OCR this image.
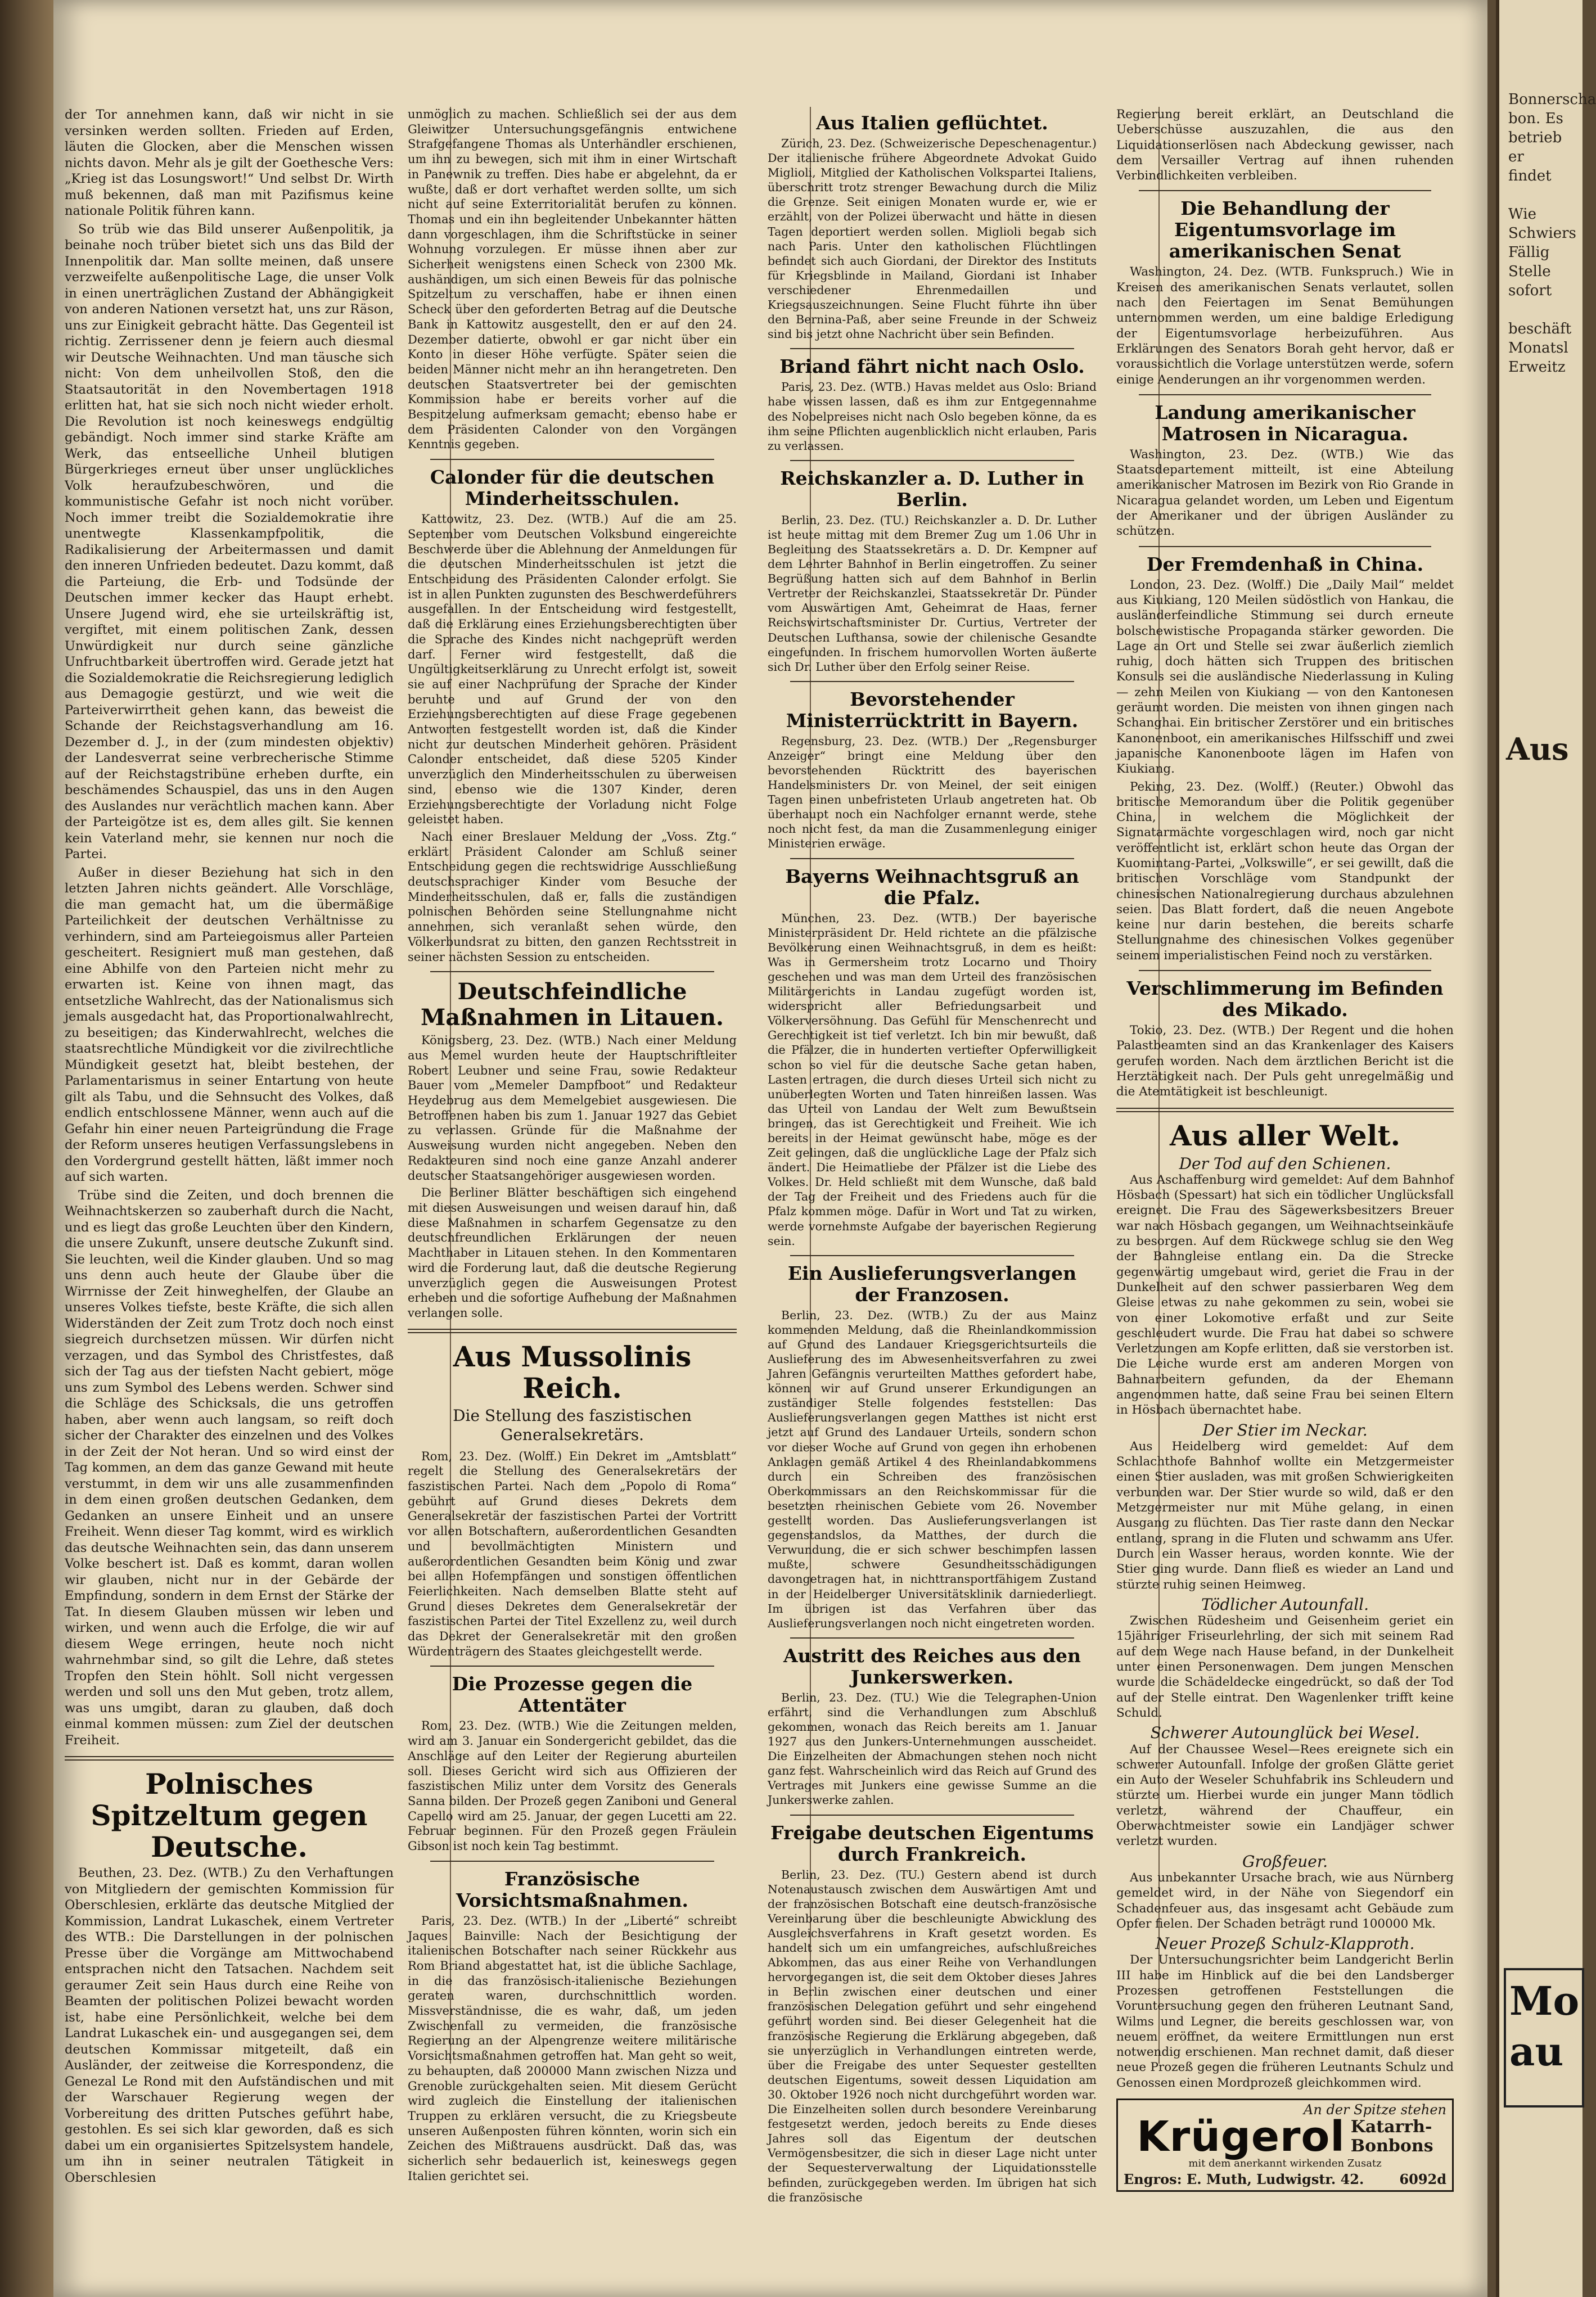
der Tor annehmen kann, daß wir nicht in sie versinken werden sollten. Frieden auf Erden, läuten die Glocken, aber die Menschen wissen nichts davon. Mehr als je gilt der Goethesche Vers: „Krieg ist das Losungswort!“ Und selbst Dr. Wirth muß bekennen, daß man mit Pazifismus keine nationale Politik führen kann.

So trüb wie das Bild unserer Außenpolitik, ja beinahe noch trüber bietet sich uns das Bild der Innenpolitik dar. Man sollte meinen, daß unsere verzweifelte außenpolitische Lage, die unser Volk in einen unerträglichen Zustand der Abhängigkeit von anderen Nationen versetzt hat, uns zur Räson, uns zur Einigkeit gebracht hätte. Das Gegenteil ist richtig. Zerrissener denn je feiern auch diesmal wir Deutsche Weihnachten. Und man täusche sich nicht: Von dem unheilvollen Stoß, den die Staatsautorität in den Novembertagen 1918 erlitten hat, hat sie sich noch nicht wieder erholt. Die Revolution ist noch keineswegs endgültig gebändigt. Noch immer sind starke Kräfte am Werk, das entseelliche Unheil blutigen Bürgerkrieges erneut über unser unglückliches Volk heraufzubeschwören, und die kommunistische Gefahr ist noch nicht vorüber. Noch immer treibt die Sozialdemokratie ihre unentwegte Klassenkampfpolitik, die Radikalisierung der Arbeitermassen und damit den inneren Unfrieden bedeutet. Dazu kommt, daß die Parteiung, die Erb- und Todsünde der Deutschen immer kecker das Haupt erhebt. Unsere Jugend wird, ehe sie urteilskräftig ist, vergiftet, mit einem politischen Zank, dessen Unwürdigkeit nur durch seine gänzliche Unfruchtbarkeit übertroffen wird. Gerade jetzt hat die Sozialdemokratie die Reichsregierung lediglich aus Demagogie gestürzt, und wie weit die Parteiverwirrtheit gehen kann, das beweist die Schande der Reichstagsverhandlung am 16. Dezember d. J., in der (zum mindesten objektiv) der Landesverrat seine verbrecherische Stimme auf der Reichstagstribüne erheben durfte, ein beschämendes Schauspiel, das uns in den Augen des Auslandes nur verächtlich machen kann. Aber der Parteigötze ist es, dem alles gilt. Sie kennen kein Vaterland mehr, sie kennen nur noch die Partei.

Außer in dieser Beziehung hat sich in den letzten Jahren nichts geändert. Alle Vorschläge, die man gemacht hat, um die übermäßige Parteilichkeit der deutschen Verhältnisse zu verhindern, sind am Parteiegoismus aller Parteien gescheitert. Resigniert muß man gestehen, daß eine Abhilfe von den Parteien nicht mehr zu erwarten ist. Keine von ihnen magt, das entsetzliche Wahlrecht, das der Nationalismus sich jemals ausgedacht hat, das Proportionalwahlrecht, zu beseitigen; das Kinderwahlrecht, welches die staatsrechtliche Mündigkeit vor die zivilrechtliche Mündigkeit gesetzt hat, bleibt bestehen, der Parlamentarismus in seiner Entartung von heute gilt als Tabu, und die Sehnsucht des Volkes, daß endlich entschlossene Männer, wenn auch auf die Gefahr hin einer neuen Parteigründung die Frage der Reform unseres heutigen Verfassungslebens in den Vordergrund gestellt hätten, läßt immer noch auf sich warten.

Trübe sind die Zeiten, und doch brennen die Weihnachtskerzen so zauberhaft durch die Nacht, und es liegt das große Leuchten über den Kindern, die unsere Zukunft, unsere deutsche Zukunft sind. Sie leuchten, weil die Kinder glauben. Und so mag uns denn auch heute der Glaube über die Wirrnisse der Zeit hinweghelfen, der Glaube an unseres Volkes tiefste, beste Kräfte, die sich allen Widerständen der Zeit zum Trotz doch noch einst siegreich durchsetzen müssen. Wir dürfen nicht verzagen, und das Symbol des Christfestes, daß sich der Tag aus der tiefsten Nacht gebiert, möge uns zum Symbol des Lebens werden. Schwer sind die Schläge des Schicksals, die uns getroffen haben, aber wenn auch langsam, so reift doch sicher der Charakter des einzelnen und des Volkes in der Zeit der Not heran. Und so wird einst der Tag kommen, an dem das ganze Gewand mit heute verstummt, in dem wir uns alle zusammenfinden in dem einen großen deutschen Gedanken, dem Gedanken an unsere Einheit und an unsere Freiheit. Wenn dieser Tag kommt, wird es wirklich das deutsche Weihnachten sein, das dann unserem Volke beschert ist. Daß es kommt, daran wollen wir glauben, nicht nur in der Gebärde der Empfindung, sondern in dem Ernst der Stärke der Tat. In diesem Glauben müssen wir leben und wirken, und wenn auch die Erfolge, die wir auf diesem Wege erringen, heute noch nicht wahrnehmbar sind, so gilt die Lehre, daß stetes Tropfen den Stein höhlt. Soll nicht vergessen werden und soll uns den Mut geben, trotz allem, was uns umgibt, daran zu glauben, daß doch einmal kommen müssen: zum Ziel der deutschen Freiheit.

Polnisches Spitzeltum gegen Deutsche.

Beuthen, 23. Dez. (WTB.) Zu den Verhaftungen von Mitgliedern der gemischten Kommission für Oberschlesien, erklärte das deutsche Mitglied der Kommission, Landrat Lukaschek, einem Vertreter des WTB.: Die Darstellungen in der polnischen Presse über die Vorgänge am Mittwochabend entsprachen nicht den Tatsachen. Nachdem seit geraumer Zeit sein Haus durch eine Reihe von Beamten der politischen Polizei bewacht worden ist, habe eine Persönlichkeit, welche bei dem Landrat Lukaschek ein- und ausgegangen sei, dem deutschen Kommissar mitgeteilt, daß ein Ausländer, der zeitweise die Korrespondenz, die Genezal Le Rond mit den Aufständischen und mit der Warschauer Regierung wegen der Vorbereitung des dritten Putsches geführt habe, gestohlen. Es sei sich klar geworden, daß es sich dabei um ein organisiertes Spitzelsystem handele, um ihn in seiner neutralen Tätigkeit in Oberschlesien

unmöglich zu machen. Schließlich sei der aus dem Gleiwitzer Untersuchungsgefängnis entwichene Strafgefangene Thomas als Unterhändler erschienen, um ihn zu bewegen, sich mit ihm in einer Wirtschaft in Panewnik zu treffen. Dies habe er abgelehnt, da er wußte, daß er dort verhaftet werden sollte, um sich nicht auf seine Exterritorialität berufen zu können. Thomas und ein ihn begleitender Unbekannter hätten dann vorgeschlagen, ihm die Schriftstücke in seiner Wohnung vorzulegen. Er müsse ihnen aber zur Sicherheit wenigstens einen Scheck von 2300 Mk. aushändigen, um sich einen Beweis für das polnische Spitzeltum zu verschaffen, habe er ihnen einen Scheck über den geforderten Betrag auf die Deutsche Bank in Kattowitz ausgestellt, den er auf den 24. Dezember datierte, obwohl er gar nicht über ein Konto in dieser Höhe verfügte. Später seien die beiden Männer nicht mehr an ihn herangetreten. Den deutschen Staatsvertreter bei der gemischten Kommission habe er bereits vorher auf die Bespitzelung aufmerksam gemacht; ebenso habe er dem Präsidenten Calonder von den Vorgängen Kenntnis gegeben.

Calonder für die deutschen Minderheitsschulen.

Kattowitz, 23. Dez. (WTB.) Auf die am 25. September vom Deutschen Volksbund eingereichte Beschwerde über die Ablehnung der Anmeldungen für die deutschen Minderheitsschulen ist jetzt die Entscheidung des Präsidenten Calonder erfolgt. Sie ist in allen Punkten zugunsten des Beschwerdeführers ausgefallen. In der Entscheidung wird festgestellt, daß die Erklärung eines Erziehungsberechtigten über die Sprache des Kindes nicht nachgeprüft werden darf. Ferner wird festgestellt, daß die Ungültigkeitserklärung zu Unrecht erfolgt ist, soweit sie auf einer Nachprüfung der Sprache der Kinder beruhte und auf Grund der von den Erziehungsberechtigten auf diese Frage gegebenen Antworten festgestellt worden ist, daß die Kinder nicht zur deutschen Minderheit gehören. Präsident Calonder entscheidet, daß diese 5205 Kinder unverzüglich den Minderheitsschulen zu überweisen sind, ebenso wie die 1307 Kinder, deren Erziehungsberechtigte der Vorladung nicht Folge geleistet haben.

Nach einer Breslauer Meldung der „Voss. Ztg.“ erklärt Präsident Calonder am Schluß seiner Entscheidung gegen die rechtswidrige Ausschließung deutschsprachiger Kinder vom Besuche der Minderheitsschulen, daß er, falls die zuständigen polnischen Behörden seine Stellungnahme nicht annehmen, sich veranlaßt sehen würde, den Völkerbundsrat zu bitten, den ganzen Rechtsstreit in seiner nächsten Session zu entscheiden.

Deutschfeindliche Maßnahmen in Litauen.

Königsberg, 23. Dez. (WTB.) Nach einer Meldung aus Memel wurden heute der Hauptschriftleiter Robert Leubner und seine Frau, sowie Redakteur Bauer vom „Memeler Dampfboot“ und Redakteur Heydebrug aus dem Memelgebiet ausgewiesen. Die Betroffenen haben bis zum 1. Januar 1927 das Gebiet zu verlassen. Gründe für die Maßnahme der Ausweisung wurden nicht angegeben. Neben den Redakteuren sind noch eine ganze Anzahl anderer deutscher Staatsangehöriger ausgewiesen worden.

Die Berliner Blätter beschäftigen sich eingehend mit diesen Ausweisungen und weisen darauf hin, daß diese Maßnahmen in scharfem Gegensatze zu den deutschfreundlichen Erklärungen der neuen Machthaber in Litauen stehen. In den Kommentaren wird die Forderung laut, daß die deutsche Regierung unverzüglich gegen die Ausweisungen Protest erheben und die sofortige Aufhebung der Maßnahmen verlangen solle.

Aus Mussolinis Reich.
Die Stellung des faszistischen Generalsekretärs.

Rom, 23. Dez. (Wolff.) Ein Dekret im „Amtsblatt“ regelt die Stellung des Generalsekretärs der faszistischen Partei. Nach dem „Popolo di Roma“ gebührt auf Grund dieses Dekrets dem Generalsekretär der faszistischen Partei der Vortritt vor allen Botschaftern, außerordentlichen Gesandten und bevollmächtigten Ministern und außerordentlichen Gesandten beim König und zwar bei allen Hofempfängen und sonstigen öffentlichen Feierlichkeiten. Nach demselben Blatte steht auf Grund dieses Dekretes dem Generalsekretär der faszistischen Partei der Titel Exzellenz zu, weil durch das Dekret der Generalsekretär mit den großen Würdenträgern des Staates gleichgestellt werde.

Die Prozesse gegen die Attentäter

Rom, 23. Dez. (WTB.) Wie die Zeitungen melden, wird am 3. Januar ein Sondergericht gebildet, das die Anschläge auf den Leiter der Regierung aburteilen soll. Dieses Gericht wird sich aus Offizieren der faszistischen Miliz unter dem Vorsitz des Generals Sanna bilden. Der Prozeß gegen Zaniboni und General Capello wird am 25. Januar, der gegen Lucetti am 22. Februar beginnen. Für den Prozeß gegen Fräulein Gibson ist noch kein Tag bestimmt.

Französische Vorsichtsmaßnahmen.

Paris, 23. Dez. (WTB.) In der „Liberté“ schreibt Jaques Bainville: Nach der Besichtigung der italienischen Botschafter nach seiner Rückkehr aus Rom Briand abgestattet hat, ist die übliche Sachlage, in die das französisch-italienische Beziehungen geraten waren, durchschnittlich worden. Missverständnisse, die es wahr, daß, um jeden Zwischenfall zu vermeiden, die französische Regierung an der Alpengrenze weitere militärische Vorsichtsmaßnahmen getroffen hat. Man geht so weit, zu behaupten, daß 200000 Mann zwischen Nizza und Grenoble zurückgehalten seien. Mit diesem Gerücht wird zugleich die Einstellung der italienischen Truppen zu erklären versucht, die zu Kriegsbeute unseren Außenposten führen könnten, worin sich ein Zeichen des Mißtrauens ausdrückt. Daß das, was sicherlich sehr bedauerlich ist, keineswegs gegen Italien gerichtet sei.

Aus Italien geflüchtet.

Zürich, 23. Dez. (Schweizerische Depeschenagentur.) Der italienische frühere Abgeordnete Advokat Guido Miglioli, Mitglied der Katholischen Volkspartei Italiens, überschritt trotz strenger Bewachung durch die Miliz die Grenze. Seit einigen Monaten wurde er, wie er erzählt, von der Polizei überwacht und hätte in diesen Tagen deportiert werden sollen. Miglioli begab sich nach Paris. Unter den katholischen Flüchtlingen befindet sich auch Giordani, der Direktor des Instituts für Kriegsblinde in Mailand, Giordani ist Inhaber verschiedener Ehrenmedaillen und Kriegsauszeichnungen. Seine Flucht führte ihn über den Bernina-Paß, aber seine Freunde in der Schweiz sind bis jetzt ohne Nachricht über sein Befinden.

Briand fährt nicht nach Oslo.

Paris, 23. Dez. (WTB.) Havas meldet aus Oslo: Briand habe wissen lassen, daß es ihm zur Entgegennahme des Nobelpreises nicht nach Oslo begeben könne, da es ihm seine Pflichten augenblicklich nicht erlauben, Paris zu verlassen.

Reichskanzler a. D. Luther in Berlin.

Berlin, 23. Dez. (TU.) Reichskanzler a. D. Dr. Luther ist heute mittag mit dem Bremer Zug um 1.06 Uhr in Begleitung des Staatssekretärs a. D. Dr. Kempner auf dem Lehrter Bahnhof in Berlin eingetroffen. Zu seiner Begrüßung hatten sich auf dem Bahnhof in Berlin Vertreter der Reichskanzlei, Staatssekretär Dr. Pünder vom Auswärtigen Amt, Geheimrat de Haas, ferner Reichswirtschaftsminister Dr. Curtius, Vertreter der Deutschen Lufthansa, sowie der chilenische Gesandte eingefunden. In frischem humorvollen Worten äußerte sich Dr. Luther über den Erfolg seiner Reise.

Bevorstehender Ministerrücktritt in Bayern.

Regensburg, 23. Dez. (WTB.) Der „Regensburger Anzeiger“ bringt eine Meldung über den bevorstehenden Rücktritt des bayerischen Handelsministers Dr. von Meinel, der seit einigen Tagen einen unbefristeten Urlaub angetreten hat. Ob überhaupt noch ein Nachfolger ernannt werde, stehe noch nicht fest, da man die Zusammenlegung einiger Ministerien erwäge.

Bayerns Weihnachtsgruß an die Pfalz.

München, 23. Dez. (WTB.) Der bayerische Ministerpräsident Dr. Held richtete an die pfälzische Bevölkerung einen Weihnachtsgruß, in dem es heißt: Was in Germersheim trotz Locarno und Thoiry geschehen und was man dem Urteil des französischen Militärgerichts in Landau zugefügt worden ist, widerspricht aller Befriedungsarbeit und Völkerversöhnung. Das Gefühl für Menschenrecht und Gerechtigkeit ist tief verletzt. Ich bin mir bewußt, daß die Pfälzer, die in hunderten vertiefter Opferwilligkeit schon so viel für die deutsche Sache getan haben, Lasten ertragen, die durch dieses Urteil sich nicht zu unüberlegten Worten und Taten hinreißen lassen. Was das Urteil von Landau der Welt zum Bewußtsein bringen, das ist Gerechtigkeit und Freiheit. Wie ich bereits in der Heimat gewünscht habe, möge es der Zeit gelingen, daß die unglückliche Lage der Pfalz sich ändert. Die Heimatliebe der Pfälzer ist die Liebe des Volkes. Dr. Held schließt mit dem Wunsche, daß bald der Tag der Freiheit und des Friedens auch für die Pfalz kommen möge. Dafür in Wort und Tat zu wirken, werde vornehmste Aufgabe der bayerischen Regierung sein.

Ein Auslieferungsverlangen der Franzosen.

Berlin, 23. Dez. (WTB.) Zu der aus Mainz kommenden Meldung, daß die Rheinlandkommission auf Grund des Landauer Kriegsgerichtsurteils die Auslieferung des im Abwesenheitsverfahren zu zwei Jahren Gefängnis verurteilten Matthes gefordert habe, können wir auf Grund unserer Erkundigungen an zuständiger Stelle folgendes feststellen: Das Auslieferungsverlangen gegen Matthes ist nicht erst jetzt auf Grund des Landauer Urteils, sondern schon vor dieser Woche auf Grund von gegen ihn erhobenen Anklagen gemäß Artikel 4 des Rheinlandabkommens durch ein Schreiben des französischen Oberkommissars an den Reichskommissar für die besetzten rheinischen Gebiete vom 26. November gestellt worden. Das Auslieferungsverlangen ist gegenstandslos, da Matthes, der durch die Verwundung, die er sich schwer beschimpfen lassen mußte, schwere Gesundheitsschädigungen davongetragen hat, in nichttransportfähigem Zustand in der Heidelberger Universitätsklinik darniederliegt. Im übrigen ist das Verfahren über das Auslieferungsverlangen noch nicht eingetreten worden.

Austritt des Reiches aus den Junkerswerken.

Berlin, 23. Dez. (TU.) Wie die Telegraphen-Union erfährt, sind die Verhandlungen zum Abschluß gekommen, wonach das Reich bereits am 1. Januar 1927 aus den Junkers-Unternehmungen ausscheidet. Die Einzelheiten der Abmachungen stehen noch nicht ganz fest. Wahrscheinlich wird das Reich auf Grund des Vertrages mit Junkers eine gewisse Summe an die Junkerswerke zahlen.

Freigabe deutschen Eigentums durch Frankreich.

Berlin, 23. Dez. (TU.) Gestern abend ist durch Notenaustausch zwischen dem Auswärtigen Amt und der französischen Botschaft eine deutsch-französische Vereinbarung über die beschleunigte Abwicklung des Ausgleichsverfahrens in Kraft gesetzt worden. Es handelt sich um ein umfangreiches, aufschlußreiches Abkommen, das aus einer Reihe von Verhandlungen hervorgegangen ist, die seit dem Oktober dieses Jahres in Berlin zwischen einer deutschen und einer französischen Delegation geführt und sehr eingehend geführt worden sind. Bei dieser Gelegenheit hat die französische Regierung die Erklärung abgegeben, daß sie unverzüglich in Verhandlungen eintreten werde, über die Freigabe des unter Sequester gestellten deutschen Eigentums, soweit dessen Liquidation am 30. Oktober 1926 noch nicht durchgeführt worden war. Die Einzelheiten sollen durch besondere Vereinbarung festgesetzt werden, jedoch bereits zu Ende dieses Jahres soll das Eigentum der deutschen Vermögensbesitzer, die sich in dieser Lage nicht unter der Sequesterverwaltung der Liquidationsstelle befinden, zurückgegeben werden. Im übrigen hat sich die französische

Regierung bereit erklärt, an Deutschland die Ueberschüsse auszuzahlen, die aus den Liquidationserlösen nach Abdeckung gewisser, nach dem Versailler Vertrag auf ihnen ruhenden Verbindlichkeiten verbleiben.

Die Behandlung der Eigentumsvorlage im amerikanischen Senat

Washington, 24. Dez. (WTB. Funkspruch.) Wie in Kreisen des amerikanischen Senats verlautet, sollen nach den Feiertagen im Senat Bemühungen unternommen werden, um eine baldige Erledigung der Eigentumsvorlage herbeizuführen. Aus Erklärungen des Senators Borah geht hervor, daß er voraussichtlich die Vorlage unterstützen werde, sofern einige Aenderungen an ihr vorgenommen werden.

Landung amerikanischer Matrosen in Nicaragua.

Washington, 23. Dez. (WTB.) Wie das Staatsdepartement mitteilt, ist eine Abteilung amerikanischer Matrosen im Bezirk von Rio Grande in Nicaragua gelandet worden, um Leben und Eigentum der Amerikaner und der übrigen Ausländer zu schützen.

Der Fremdenhaß in China.

London, 23. Dez. (Wolff.) Die „Daily Mail“ meldet aus Kiukiang, 120 Meilen südöstlich von Hankau, die ausländerfeindliche Stimmung sei durch erneute bolschewistische Propaganda stärker geworden. Die Lage an Ort und Stelle sei zwar äußerlich ziemlich ruhig, doch hätten sich Truppen des britischen Konsuls sei die ausländische Niederlassung in Kuling — zehn Meilen von Kiukiang — von den Kantonesen geräumt worden. Die meisten von ihnen gingen nach Schanghai. Ein britischer Zerstörer und ein britisches Kanonenboot, ein amerikanisches Hilfsschiff und zwei japanische Kanonenboote lägen im Hafen von Kiukiang.

Peking, 23. Dez. (Wolff.) (Reuter.) Obwohl das britische Memorandum über die Politik gegenüber China, in welchem die Möglichkeit der Signatarmächte vorgeschlagen wird, noch gar nicht veröffentlicht ist, erklärt schon heute das Organ der Kuomintang-Partei, „Volkswille“, er sei gewillt, daß die britischen Vorschläge vom Standpunkt der chinesischen Nationalregierung durchaus abzulehnen seien. Das Blatt fordert, daß die neuen Angebote keine nur darin bestehen, die bereits scharfe Stellungnahme des chinesischen Volkes gegenüber seinem imperialistischen Feind noch zu verstärken.

Verschlimmerung im Befinden des Mikado.

Tokio, 23. Dez. (WTB.) Der Regent und die hohen Palastbeamten sind an das Krankenlager des Kaisers gerufen worden. Nach dem ärztlichen Bericht ist die Herztätigkeit nach. Der Puls geht unregelmäßig und die Atemtätigkeit ist beschleunigt.

Aus aller Welt.
Der Tod auf den Schienen.

Aus Aschaffenburg wird gemeldet: Auf dem Bahnhof Hösbach (Spessart) hat sich ein tödlicher Unglücksfall ereignet. Die Frau des Sägewerksbesitzers Breuer war nach Hösbach gegangen, um Weihnachtseinkäufe zu besorgen. Auf dem Rückwege schlug sie den Weg der Bahngleise entlang ein. Da die Strecke gegenwärtig umgebaut wird, geriet die Frau in der Dunkelheit auf den schwer passierbaren Weg dem Gleise etwas zu nahe gekommen zu sein, wobei sie von einer Lokomotive erfaßt und zur Seite geschleudert wurde. Die Frau hat dabei so schwere Verletzungen am Kopfe erlitten, daß sie verstorben ist. Die Leiche wurde erst am anderen Morgen von Bahnarbeitern gefunden, da der Ehemann angenommen hatte, daß seine Frau bei seinen Eltern in Hösbach übernachtet habe.

Der Stier im Neckar.

Aus Heidelberg wird gemeldet: Auf dem Schlachthofe Bahnhof wollte ein Metzgermeister einen Stier ausladen, was mit großen Schwierigkeiten verbunden war. Der Stier wurde so wild, daß er den Metzgermeister nur mit Mühe gelang, in einen Ausgang zu flüchten. Das Tier raste dann den Neckar entlang, sprang in die Fluten und schwamm ans Ufer. Durch ein Wasser heraus, worden konnte. Wie der Stier ging wurde. Dann fließ es wieder an Land und stürzte ruhig seinen Heimweg.

Tödlicher Autounfall.

Zwischen Rüdesheim und Geisenheim geriet ein 15jähriger Friseurlehrling, der sich mit seinem Rad auf dem Wege nach Hause befand, in der Dunkelheit unter einen Personenwagen. Dem jungen Menschen wurde die Schädeldecke eingedrückt, so daß der Tod auf der Stelle eintrat. Den Wagenlenker trifft keine Schuld.

Schwerer Autounglück bei Wesel.

Auf der Chaussee Wesel—Rees ereignete sich ein schwerer Autounfall. Infolge der großen Glätte geriet ein Auto der Weseler Schuhfabrik ins Schleudern und stürzte um. Hierbei wurde ein junger Mann tödlich verletzt, während der Chauffeur, ein Oberwachtmeister sowie ein Landjäger schwer verletzt wurden.

Großfeuer.

Aus unbekannter Ursache brach, wie aus Nürnberg gemeldet wird, in der Nähe von Siegendorf ein Schadenfeuer aus, das insgesamt acht Gebäude zum Opfer fielen. Der Schaden beträgt rund 100000 Mk.

Neuer Prozeß Schulz-Klapproth.

Der Untersuchungsrichter beim Landgericht Berlin III habe im Hinblick auf die bei den Landsberger Prozessen getroffenen Feststellungen die Voruntersuchung gegen den früheren Leutnant Sand, Wilms und Legner, die bereits geschlossen war, von neuem eröffnet, da weitere Ermittlungen nun erst notwendig erschienen. Man rechnet damit, daß dieser neue Prozeß gegen die früheren Leutnants Schulz und Genossen einen Mordprozeß gleichkommen wird.

An der Spitze stehen
Krügerol Katarrh-
Bonbons
mit dem anerkannt wirkenden Zusatz
Engros: E. Muth, Ludwigstr. 42.	6092d
Bonnerscha
bon. Es
betrieb
er
findet

Wie
Schwiers
Fällig
Stelle
sofort

beschäft
Monatsl
Erweitz
Aus
Mo
au
